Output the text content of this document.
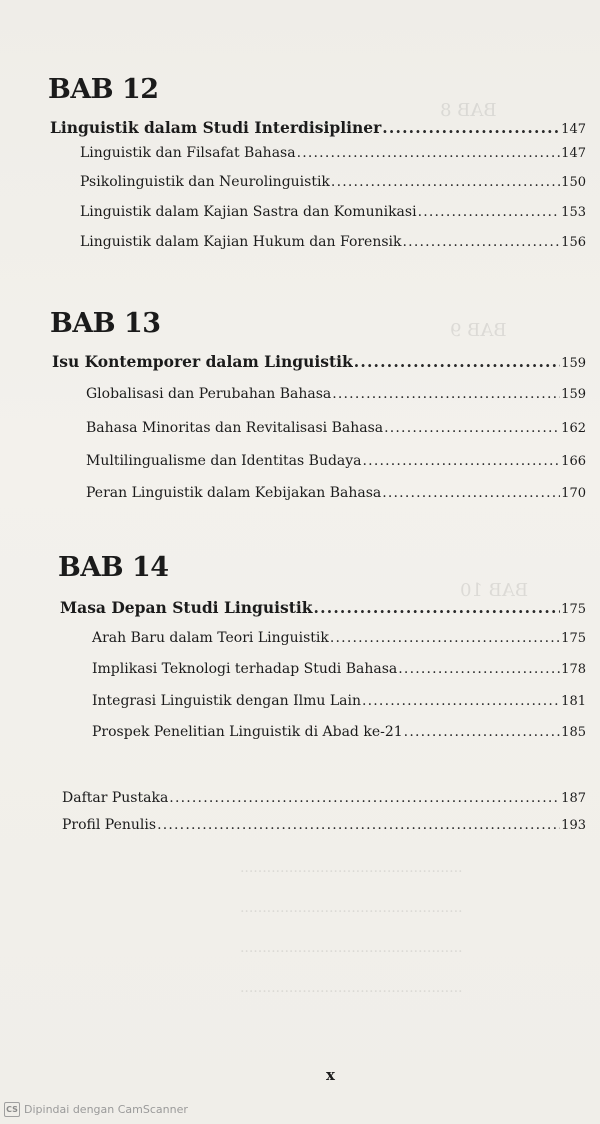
BAB 8
BAB 9
BAB 10
..................................................
..................................................
..................................................
..................................................
BAB 12
Linguistik dalam Studi Interdisipliner .....	147
Linguistik dan Filsafat Bahasa .....	147
Psikolinguistik dan Neurolinguistik .....	150
Linguistik dalam Kajian Sastra dan Komunikasi .....	153
Linguistik dalam Kajian Hukum dan Forensik .....	156
BAB 13
Isu Kontemporer dalam Linguistik .....	159
Globalisasi dan Perubahan Bahasa .....	159
Bahasa Minoritas dan Revitalisasi Bahasa .....	162
Multilingualisme dan Identitas Budaya .....	166
Peran Linguistik dalam Kebijakan Bahasa .....	170
BAB 14
Masa Depan Studi Linguistik .....	175
Arah Baru dalam Teori Linguistik .....	175
Implikasi Teknologi terhadap Studi Bahasa .....	178
Integrasi Linguistik dengan Ilmu Lain .....	181
Prospek Penelitian Linguistik di Abad ke-21 .....	185
Daftar Pustaka .....	187
Profil Penulis .....	193
x
CS Dipindai dengan CamScanner
